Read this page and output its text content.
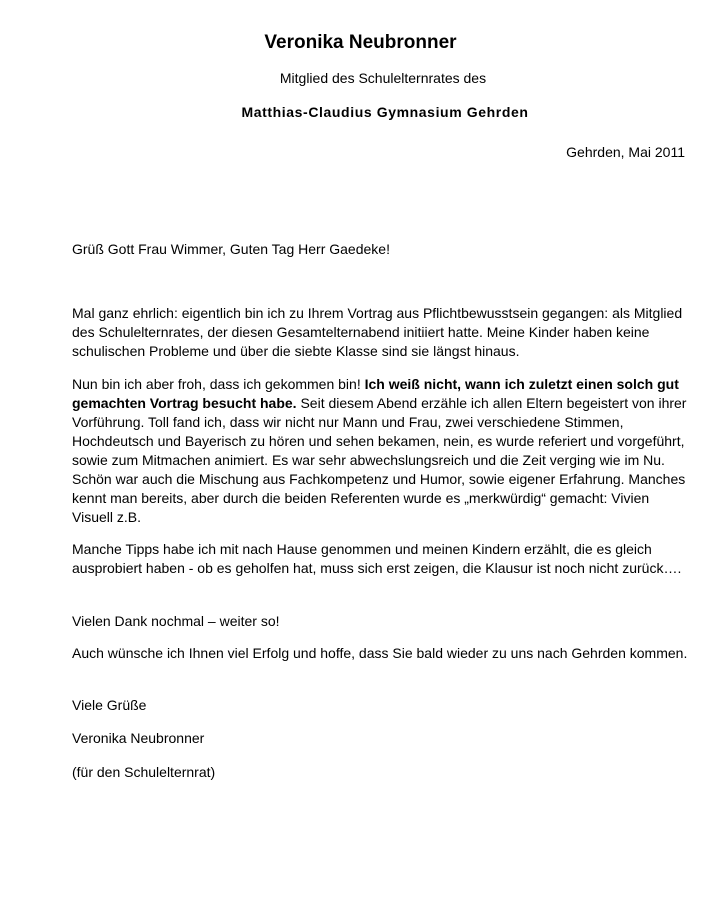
Veronika Neubronner
Mitglied des Schulelternrates des
Matthias-Claudius Gymnasium Gehrden
Gehrden, Mai 2011

Grüß Gott Frau Wimmer, Guten Tag Herr Gaedeke!

Mal ganz ehrlich: eigentlich bin ich zu Ihrem Vortrag aus Pflichtbewusstsein gegangen: als Mitglied des Schulelternrates, der diesen Gesamtelternabend initiiert hatte. Meine Kinder haben keine schulischen Probleme und über die siebte Klasse sind sie längst hinaus.

Nun bin ich aber froh, dass ich gekommen bin! Ich weiß nicht, wann ich zuletzt einen solch gut gemachten Vortrag besucht habe. Seit diesem Abend erzähle ich allen Eltern begeistert von ihrer Vorführung. Toll fand ich, dass wir nicht nur Mann und Frau, zwei verschiedene Stimmen, Hochdeutsch und Bayerisch zu hören und sehen bekamen, nein, es wurde referiert und vorgeführt, sowie zum Mitmachen animiert. Es war sehr abwechslungsreich und die Zeit verging wie im Nu. Schön war auch die Mischung aus Fachkompetenz und Humor, sowie eigener Erfahrung. Manches kennt man bereits, aber durch die beiden Referenten wurde es „merkwürdig“ gemacht: Vivien Visuell z.B.

Manche Tipps habe ich mit nach Hause genommen und meinen Kindern erzählt, die es gleich ausprobiert haben - ob es geholfen hat, muss sich erst zeigen, die Klausur ist noch nicht zurück….

Vielen Dank nochmal – weiter so!

Auch wünsche ich Ihnen viel Erfolg und hoffe, dass Sie bald wieder zu uns nach Gehrden kommen.

Viele Grüße

Veronika Neubronner

(für den Schulelternrat)
